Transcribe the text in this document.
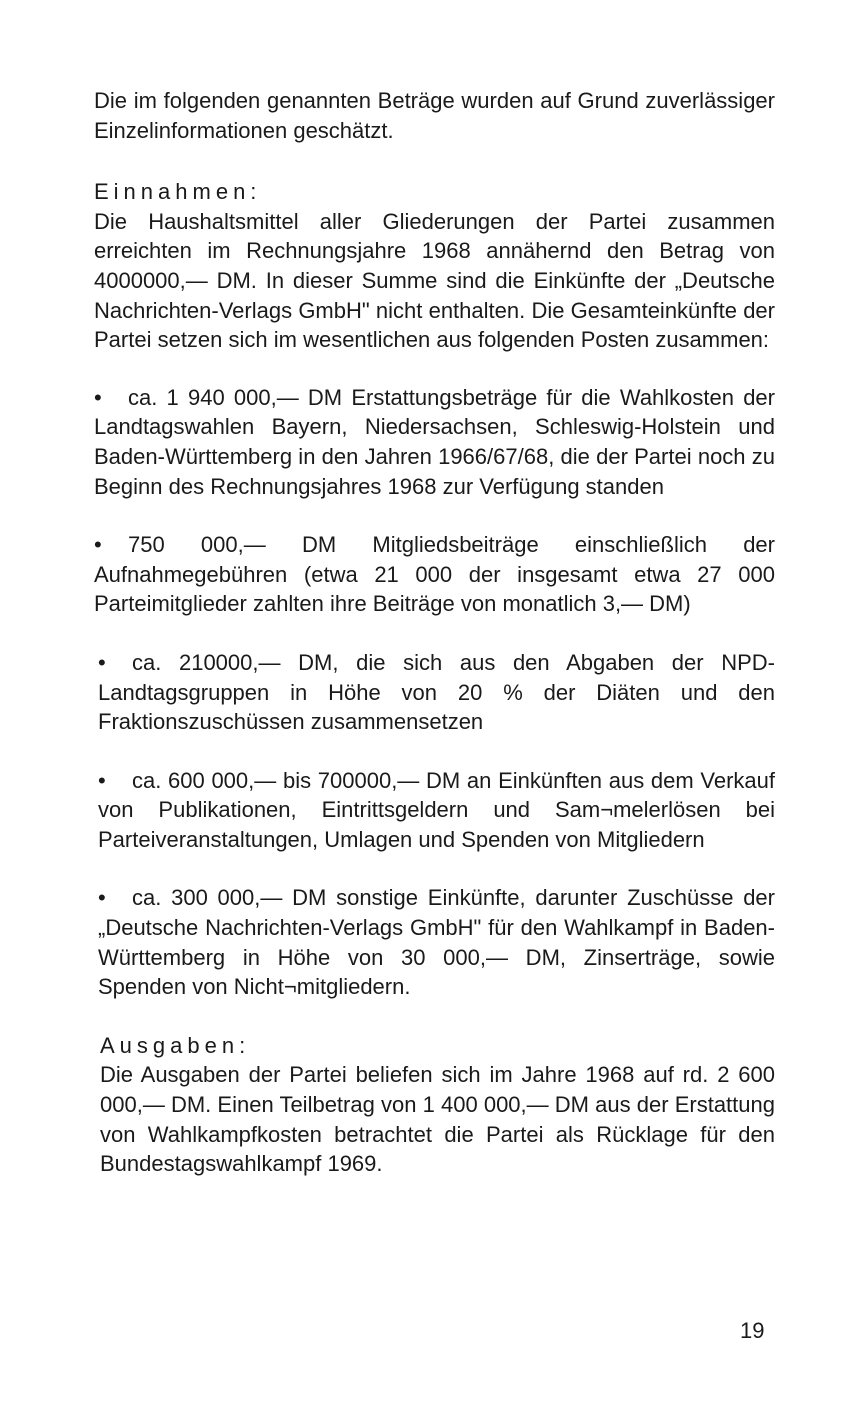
Die im folgenden genannten Beträge wurden auf Grund zuverlässiger Einzelinformationen geschätzt.

Einnahmen:

Die Haushaltsmittel aller Gliederungen der Partei zusammen erreichten im Rechnungsjahre 1968 annähernd den Betrag von 4000000,— DM. In dieser Summe sind die Einkünfte der „Deutsche Nachrichten-Verlags GmbH" nicht enthalten. Die Gesamteinkünfte der Partei setzen sich im wesentlichen aus folgenden Posten zusammen:

• ca. 1 940 000,— DM Erstattungsbeträge für die Wahlkosten der Landtagswahlen Bayern, Niedersachsen, Schleswig-Holstein und Baden-Württemberg in den Jahren 1966/67/68, die der Partei noch zu Beginn des Rechnungsjahres 1968 zur Verfügung standen

• 750 000,— DM Mitgliedsbeiträge einschließlich der Aufnahmegebühren (etwa 21 000 der insgesamt etwa 27 000 Parteimitglieder zahlten ihre Beiträge von monatlich 3,— DM)

• ca. 210000,— DM, die sich aus den Abgaben der NPD-Landtagsgruppen in Höhe von 20 % der Diäten und den Fraktionszuschüssen zusammensetzen

• ca. 600 000,— bis 700000,— DM an Einkünften aus dem Verkauf von Publikationen, Eintrittsgeldern und Sam¬melerlösen bei Parteiveranstaltungen, Umlagen und Spenden von Mitgliedern

• ca. 300 000,— DM sonstige Einkünfte, darunter Zuschüsse der „Deutsche Nachrichten-Verlags GmbH" für den Wahlkampf in Baden-Württemberg in Höhe von 30 000,— DM, Zinserträge, sowie Spenden von Nicht¬mitgliedern.

Ausgaben:

Die Ausgaben der Partei beliefen sich im Jahre 1968 auf rd. 2 600 000,— DM. Einen Teilbetrag von 1 400 000,— DM aus der Erstattung von Wahlkampfkosten betrachtet die Partei als Rücklage für den Bundestagswahlkampf 1969.

19
